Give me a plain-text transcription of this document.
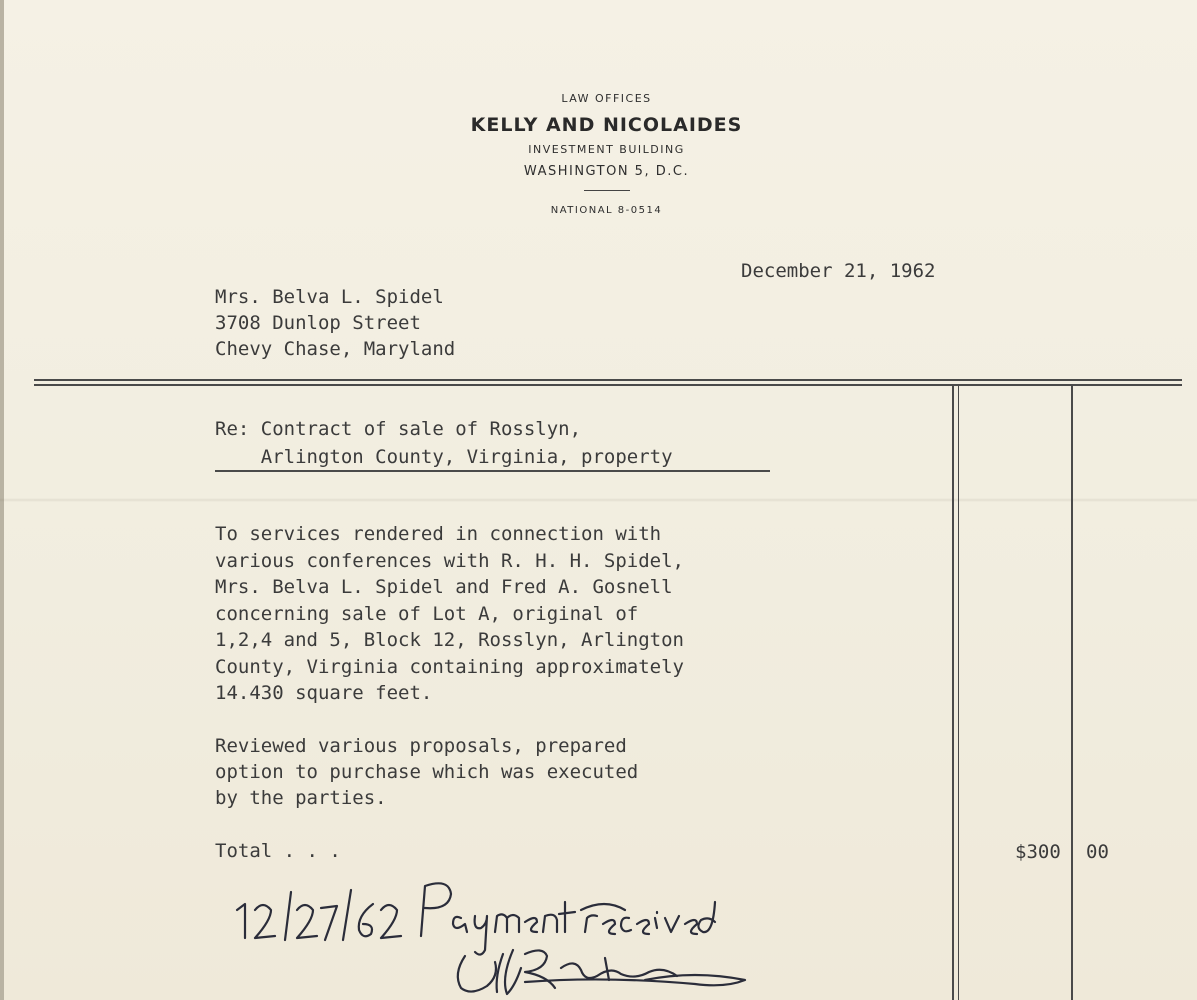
LAW OFFICES
KELLY AND NICOLAIDES
INVESTMENT BUILDING
WASHINGTON 5, D.C.
NATIONAL 8-0514
December 21, 1962
Mrs. Belva L. Spidel
3708 Dunlop Street
Chevy Chase, Maryland
Re: Contract of sale of Rosslyn,
Arlington County, Virginia, property
To services rendered in connection with
various conferences with R. H. H. Spidel,
Mrs. Belva L. Spidel and Fred A. Gosnell
concerning sale of Lot A, original of
1,2,4 and 5, Block 12, Rosslyn, Arlington
County, Virginia containing approximately
14.430 square feet.
Reviewed various proposals, prepared
option to purchase which was executed
by the parties.
Total . . .	$300 00
